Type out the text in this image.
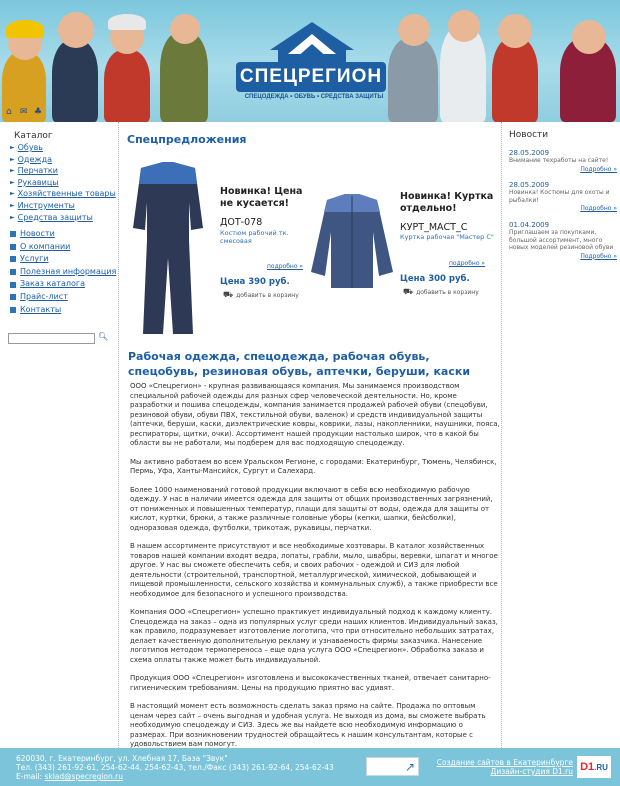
СПЕЦРЕГИОН
СПЕЦОДЕЖДА • ОБУВЬ • СРЕДСТВА ЗАЩИТЫ
⌂ ✉ ♣
Каталог
► Обувь
► Одежда
► Перчатки
► Рукавицы
► Хозяйственные товары
► Инструменты
► Средства защиты
Новости
О компании
Услуги
Полезная информация
Заказ каталога
Прайс-лист
Контакты
🔍︎
Спецпредложения
Новинка! Цена не кусается!
ДОТ-078
Костюм рабочий тк. смесовая
подробно »
Цена 390 руб.
⛟ добавить в корзину
Новинка! Куртка отдельно!
КУРТ_МАСТ_С
Куртка рабочая "Мастер С"
подробно »
Цена 300 руб.
⛟ добавить в корзину
Рабочая одежда, спецодежда, рабочая обувь, спецобувь, резиновая обувь, аптечки, беруши, каски

ООО «Спецрегион» - крупная развивающаяся компания. Мы занимаемся производством специальной рабочей одежды для разных сфер человеческой деятельности. Но, кроме разработки и пошива спецодежды, компания занимается продажей рабочей обуви (спецобуви, резиновой обуви, обуви ПВХ, текстильной обуви, валенок) и средств индивидуальной защиты (аптечки, беруши, каски, диэлектрические ковры, коврики, лазы, накопленники, наушники, пояса, респираторы, щитки, очки). Ассортимент нашей продукции настолько широк, что в какой бы области вы не работали, мы подберем для вас подходящую спецодежду.

Мы активно работаем во всем Уральском Регионе, с городами: Екатеринбург, Тюмень, Челябинск, Пермь, Уфа, Ханты-Мансийск, Сургут и Салехард.

Более 1000 наименований готовой продукции включают в себя всю необходимую рабочую одежду. У нас в наличии имеется одежда для защиты от общих производственных загрязнений, от пониженных и повышенных температур, плащи для защиты от воды, одежда для защиты от кислот, куртки, брюки, а также различные головные уборы (кепки, шапки, бейсболки), одноразовая одежда, футболки, трикотаж, рукавицы, перчатки.

В нашем ассортименте присутствуют и все необходимые хозтовары. В каталог хозяйственных товаров нашей компании входят ведра, лопаты, грабли, мыло, швабры, веревки, шпагат и многое другое. У нас вы сможете обеспечить себя, и своих рабочих - одеждой и СИЗ для любой деятельности (строительной, транспортной, металлургической, химической, добывающей и пищевой промышленности, сельского хозяйства и коммунальных служб), а также приобрести все необходимое для безопасного и успешного производства.

Компания ООО «Спецрегион» успешно практикует индивидуальный подход к каждому клиенту. Спецодежда на заказ – одна из популярных услуг среди наших клиентов. Индивидуальный заказ, как правило, подразумевает изготовление логотипа, что при относительно небольших затратах, делает качественную дополнительную рекламу и узнаваемость фирмы заказчика. Нанесение логотипов методом термопереноса – еще одна услуга ООО «Спецрегион». Обработка заказа и схема оплаты также может быть индивидуальной.

Продукция ООО «Спецрегион» изготовлена и высококачественных тканей, отвечает санитарно-гигиеническим требованиям. Цены на продукцию приятно вас удивят.

В настоящий момент есть возможность сделать заказ прямо на сайте. Продажа по оптовым ценам через сайт – очень выгодная и удобная услуга. Не выходя из дома, вы сможете выбрать необходимую спецодежду и СИЗ. Здесь же вы найдете всю необходимую информацию о размерах. При возникновении трудностей обращайтесь к нашим консультантам, которые с удовольствием вам помогут.

Новости
28.05.2009
Внимание техработы на сайте!
Подробно »
28.05.2009
Новинка! Костюмы для охоты и рыбалки!
Подробно »
01.04.2009
Приглашаем за покупками, большой ассортимент, много новых моделей резиновой обуви
Подробно »
620030, г. Екатеринбург, ул. Хлебная 17, База "Звук"
Тел. (343) 261-92-61, 254-62-44, 254-62-43, тел./Факс (343) 261-92-64, 254-62-43
E-mail: sklad@specregion.ru
↗	Создание сайтов в Екатеринбурге
Дизайн-студия D1.ru D1.RU
